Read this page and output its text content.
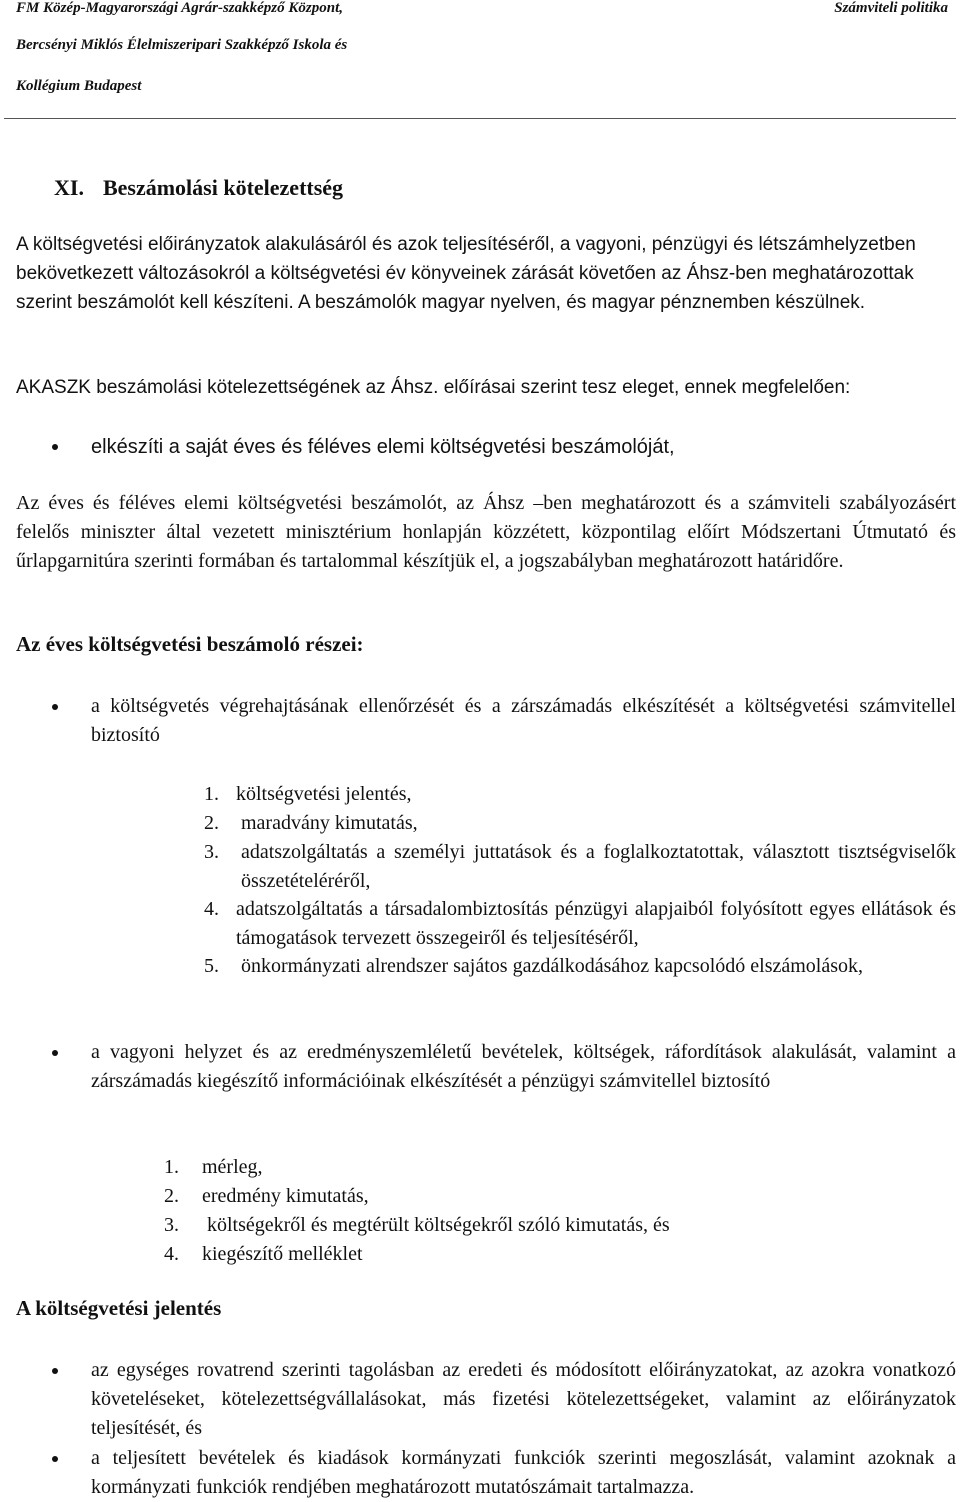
FM Közép-Magyarországi Agrár-szakképző Központ,
Bercsényi Miklós Élelmiszeripari Szakképző Iskola és
Kollégium Budapest
Számviteli politika
XI. Beszámolási kötelezettség

A költségvetési előirányzatok alakulásáról és azok teljesítéséről, a vagyoni, pénzügyi és létszámhelyzetben bekövetkezett változásokról a költségvetési év könyveinek zárását követően az Áhsz-ben meghatározottak szerint beszámolót kell készíteni. A beszámolók magyar nyelven, és magyar pénznemben készülnek.

AKASZK beszámolási kötelezettségének az Áhsz. előírásai szerint tesz eleget, ennek megfelelően:

elkészíti a saját éves és féléves elemi költségvetési beszámolóját,

Az éves és féléves elemi költségvetési beszámolót, az Áhsz –ben meghatározott és a számviteli szabályozásért felelős miniszter által vezetett minisztérium honlapján közzétett, központilag előírt Módszertani Útmutató és űrlapgarnitúra szerinti formában és tartalommal készítjük el, a jogszabályban meghatározott határidőre.

Az éves költségvetési beszámoló részei:

a költségvetés végrehajtásának ellenőrzését és a zárszámadás elkészítését a költségvetési számvitellel biztosító

1. költségvetési jelentés,

2. maradvány kimutatás,

3. adatszolgáltatás a személyi juttatások és a foglalkoztatottak, választott tisztségviselők összetételéréről,

4. adatszolgáltatás a társadalombiztosítás pénzügyi alapjaiból folyósított egyes ellátások és támogatások tervezett összegeiről és teljesítéséről,

5. önkormányzati alrendszer sajátos gazdálkodásához kapcsolódó elszámolások,

a vagyoni helyzet és az eredményszemléletű bevételek, költségek, ráfordítások alakulását, valamint a zárszámadás kiegészítő információinak elkészítését a pénzügyi számvitellel biztosító

1. mérleg,

2. eredmény kimutatás,

3. költségekről és megtérült költségekről szóló kimutatás, és

4. kiegészítő melléklet

A költségvetési jelentés

az egységes rovatrend szerinti tagolásban az eredeti és módosított előirányzatokat, az azokra vonatkozó követeléseket, kötelezettségvállalásokat, más fizetési kötelezettségeket, valamint az előirányzatok teljesítését, és

a teljesített bevételek és kiadások kormányzati funkciók szerinti megoszlását, valamint azoknak a kormányzati funkciók rendjében meghatározott mutatószámait tartalmazza.
